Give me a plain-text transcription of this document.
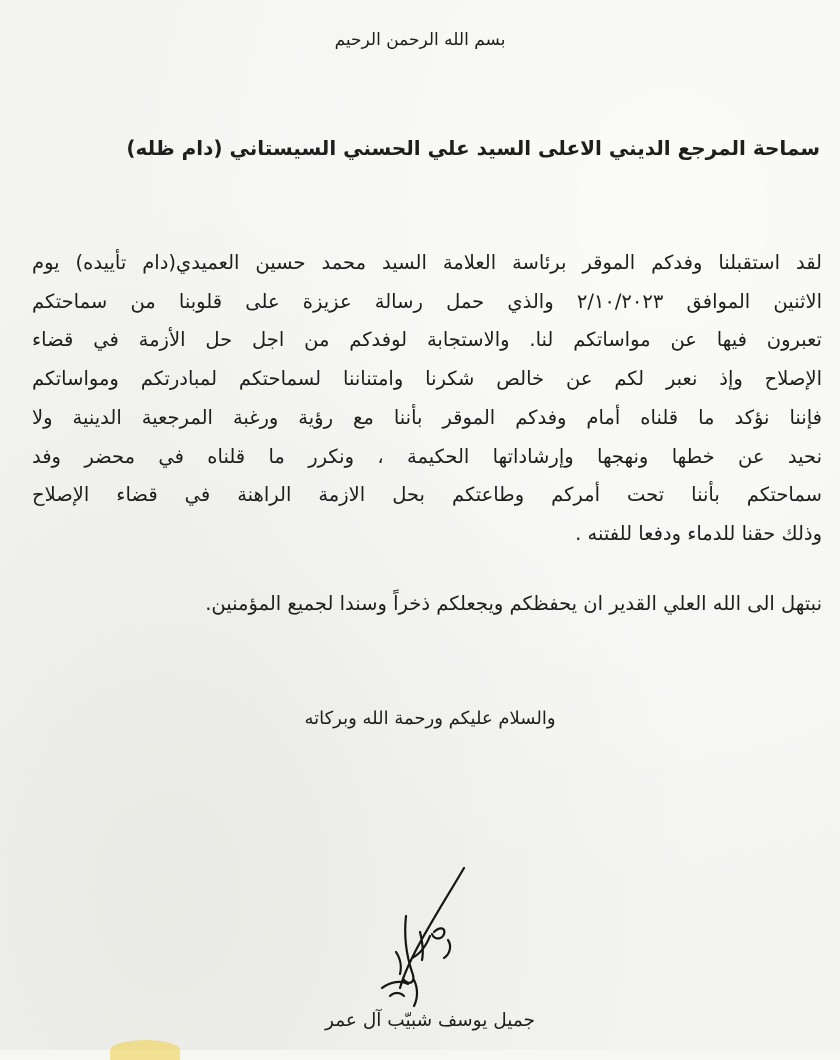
بسم الله الرحمن الرحيم
سماحة المرجع الديني الاعلى السيد علي الحسني السيستاني (دام ظله)
لقد استقبلنا وفدكم الموقر برئاسة العلامة السيد محمد حسين العميدي(دام تأييده) يوم
الاثنين الموافق ٢/١٠/٢٠٢٣ والذي حمل رسالة عزيزة على قلوبنا من سماحتكم
تعبرون فيها عن مواساتكم لنا. والاستجابة لوفدكم من اجل حل الأزمة في قضاء
الإصلاح وإذ نعبر لكم عن خالص شكرنا وامتناننا لسماحتكم لمبادرتكم ومواساتكم
فإننا نؤكد ما قلناه أمام وفدكم الموقر بأننا مع رؤية ورغبة المرجعية الدينية ولا
نحيد عن خطها ونهجها وإرشاداتها الحكيمة ، ونكرر ما قلناه في محضر وفد
سماحتكم بأننا تحت أمركم وطاعتكم بحل الازمة الراهنة في قضاء الإصلاح
وذلك حقنا للدماء ودفعا للفتنه .
نبتهل الى الله العلي القدير ان يحفظكم ويجعلكم ذخراً وسندا لجميع المؤمنين.
والسلام عليكم ورحمة الله وبركاته
جميل يوسف شبيّب آل عمر
